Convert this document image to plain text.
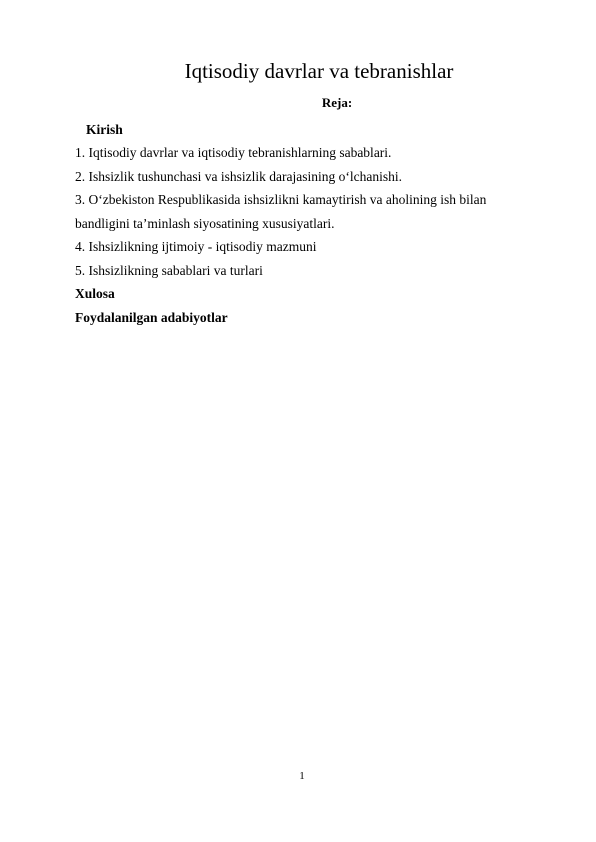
Iqtisodiy davrlar va tebranishlar
Reja:
Kirish
1. Iqtisodiy davrlar va iqtisodiy tebranishlarning sabablari.
2. Ishsizlik tushunchasi va ishsizlik darajasining o‘lchanishi.
3. O‘zbekiston Respublikasida ishsizlikni kamaytirish va aholining ish bilan
bandligini ta’minlash siyosatining xususiyatlari.
4. Ishsizlikning ijtimoiy - iqtisodiy mazmuni
5. Ishsizlikning sabablari va turlari
Xulosa
Foydalanilgan adabiyotlar
1
